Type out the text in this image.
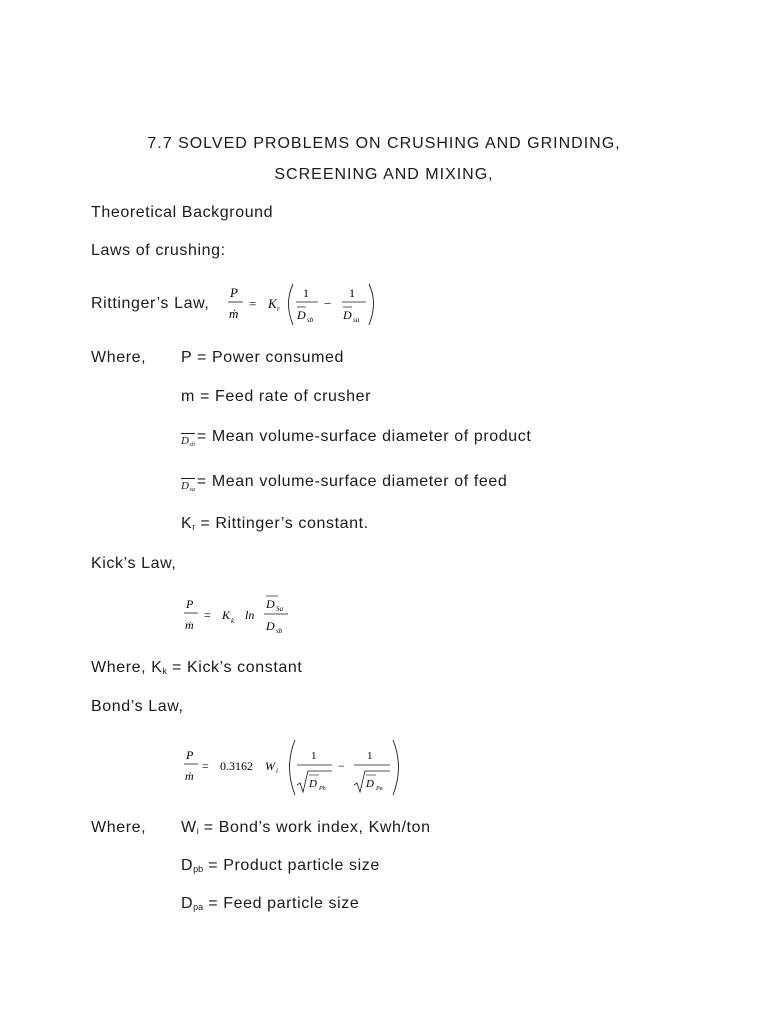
7.7 SOLVED PROBLEMS ON CRUSHING AND GRINDING,
SCREENING AND MIXING,
Theoretical Background
Laws of crushing:
Rittinger’s Law,
P
ṁ
= K r
1
D sb
−
1
D sa
Where, P = Power consumed
m = Feed rate of crusher
$D_{sb}$ = Mean volume-surface diameter of product
$D_{sa}$ = Mean volume-surface diameter of feed
$K_r$ = Rittinger’s constant.
Kick’s Law,
P
ṁ
= K k ln
D Sa
D sb
Where, $K_k$ = Kick’s constant
Bond’s Law,
P
ṁ
= 0.3162 W i
1
D Pb
−
1
D Pa
Where, $W_i$ = Bond’s work index, Kwh/ton
$D_{pb}$ = Product particle size
$D_{pa}$ = Feed particle size
